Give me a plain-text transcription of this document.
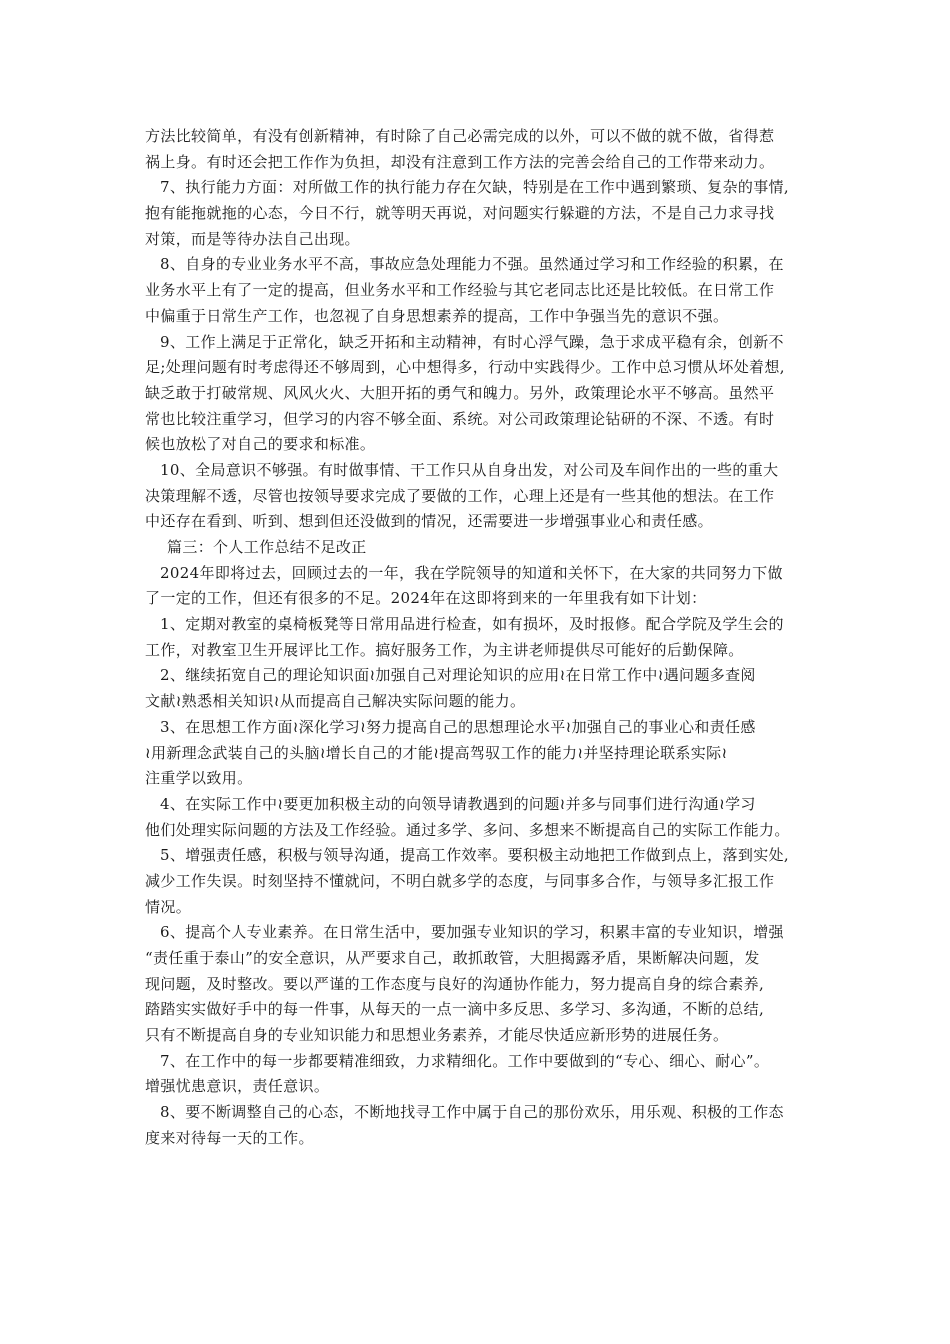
方法比较简单，有没有创新精神，有时除了自己必需完成的以外，可以不做的就不做，省得惹
祸上身。有时还会把工作作为负担，却没有注意到工作方法的完善会给自己的工作带来动力。
7、执行能力方面：对所做工作的执行能力存在欠缺，特别是在工作中遇到繁琐、复杂的事情,
抱有能拖就拖的心态，今日不行，就等明天再说，对问题实行躲避的方法，不是自己力求寻找
对策，而是等待办法自己出现。
8、自身的专业业务水平不高，事故应急处理能力不强。虽然通过学习和工作经验的积累，在
业务水平上有了一定的提高，但业务水平和工作经验与其它老同志比还是比较低。在日常工作
中偏重于日常生产工作，也忽视了自身思想素养的提高，工作中争强当先的意识不强。
9、工作上满足于正常化，缺乏开拓和主动精神，有时心浮气躁，急于求成平稳有余，创新不
足;处理问题有时考虑得还不够周到，心中想得多，行动中实践得少。工作中总习惯从坏处着想,
缺乏敢于打破常规、风风火火、大胆开拓的勇气和魄力。另外，政策理论水平不够高。虽然平
常也比较注重学习，但学习的内容不够全面、系统。对公司政策理论钻研的不深、不透。有时
候也放松了对自己的要求和标准。
10、全局意识不够强。有时做事情、干工作只从自身出发，对公司及车间作出的一些的重大
决策理解不透，尽管也按领导要求完成了要做的工作，心理上还是有一些其他的想法。在工作
中还存在看到、听到、想到但还没做到的情况，还需要进一步增强事业心和责任感。
篇三：个人工作总结不足改正
2024年即将过去，回顾过去的一年，我在学院领导的知道和关怀下，在大家的共同努力下做
了一定的工作，但还有很多的不足。2024年在这即将到来的一年里我有如下计划：
1、定期对教室的桌椅板凳等日常用品进行检查，如有损坏，及时报修。配合学院及学生会的
工作，对教室卫生开展评比工作。搞好服务工作，为主讲老师提供尽可能好的后勤保障。
2、继续拓宽自己的理论知识面≀加强自己对理论知识的应用≀在日常工作中≀遇问题多查阅
文献≀熟悉相关知识≀从而提高自己解决实际问题的能力。
3、在思想工作方面≀深化学习≀努力提高自己的思想理论水平≀加强自己的事业心和责任感
≀用新理念武装自己的头脑≀增长自己的才能≀提高驾驭工作的能力≀并坚持理论联系实际≀
注重学以致用。
4、在实际工作中≀要更加积极主动的向领导请教遇到的问题≀并多与同事们进行沟通≀学习
他们处理实际问题的方法及工作经验。通过多学、多问、多想来不断提高自己的实际工作能力。
5、增强责任感，积极与领导沟通，提高工作效率。要积极主动地把工作做到点上，落到实处,
减少工作失误。时刻坚持不懂就问，不明白就多学的态度，与同事多合作，与领导多汇报工作
情况。
6、提高个人专业素养。在日常生活中，要加强专业知识的学习，积累丰富的专业知识，增强
“责任重于泰山”的安全意识，从严要求自己，敢抓敢管，大胆揭露矛盾，果断解决问题，发
现问题，及时整改。要以严谨的工作态度与良好的沟通协作能力，努力提高自身的综合素养,
踏踏实实做好手中的每一件事，从每天的一点一滴中多反思、多学习、多沟通，不断的总结,
只有不断提高自身的专业知识能力和思想业务素养，才能尽快适应新形势的进展任务。
7、在工作中的每一步都要精准细致，力求精细化。工作中要做到的“专心、细心、耐心”。
增强忧患意识，责任意识。
8、要不断调整自己的心态，不断地找寻工作中属于自己的那份欢乐，用乐观、积极的工作态
度来对待每一天的工作。
